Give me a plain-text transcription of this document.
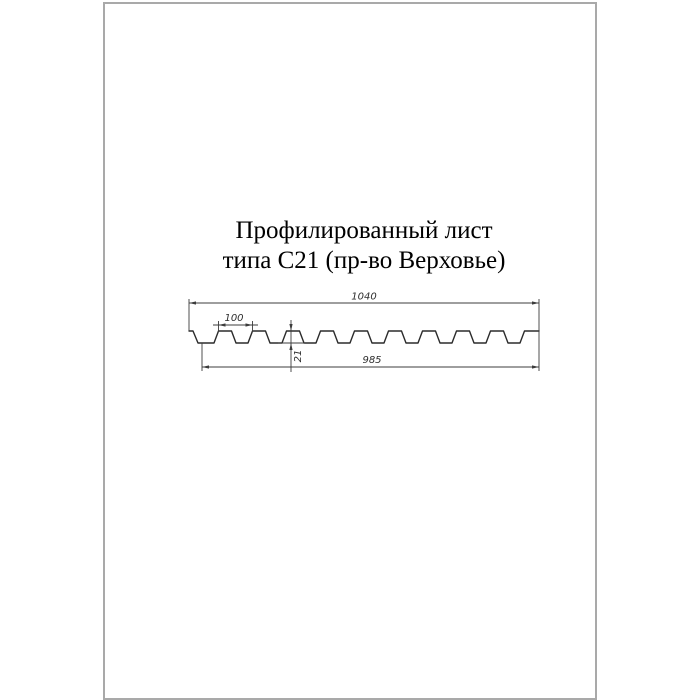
Профилированный лист
типа С21 (пр-во Верховье)
1040
100
21	985
